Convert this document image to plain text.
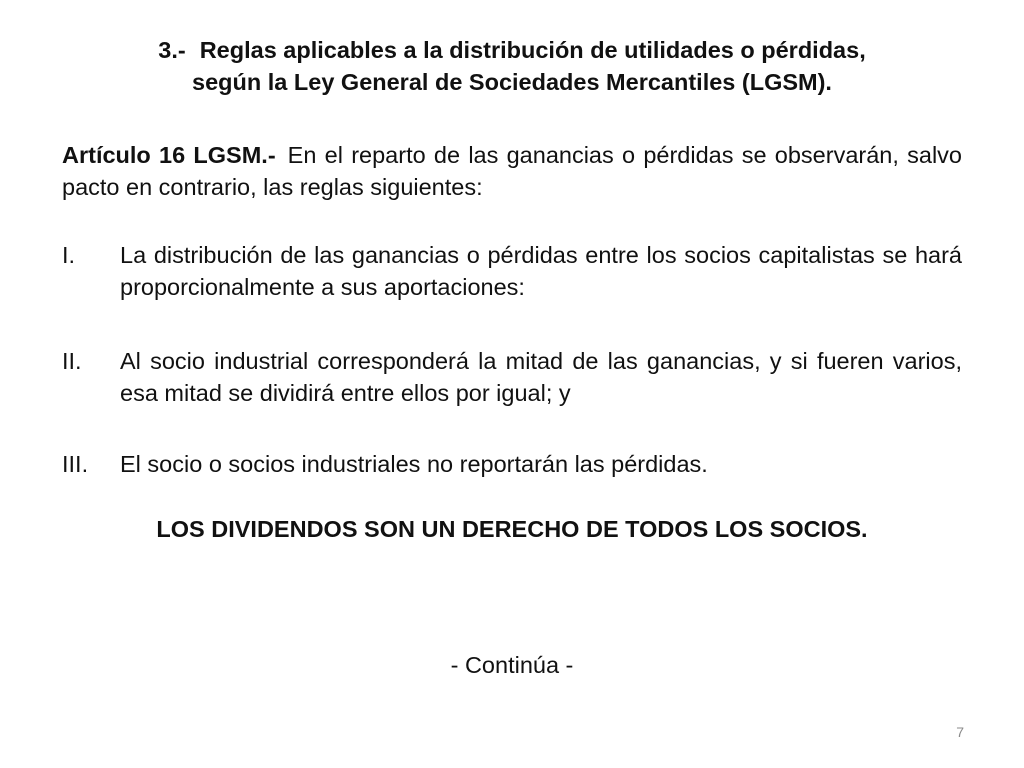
3.- Reglas aplicables a la distribución de utilidades o pérdidas,
según la Ley General de Sociedades Mercantiles (LGSM).
Artículo 16 LGSM.- En el reparto de las ganancias o pérdidas se observarán, salvo pacto en contrario, las reglas siguientes:
I. La distribución de las ganancias o pérdidas entre los socios capitalistas se hará proporcionalmente a sus aportaciones:
II. Al socio industrial corresponderá la mitad de las ganancias, y si fueren varios, esa mitad se dividirá entre ellos por igual; y
III. El socio o socios industriales no reportarán las pérdidas.
LOS DIVIDENDOS SON UN DERECHO DE TODOS LOS SOCIOS.
- Continúa -
7
